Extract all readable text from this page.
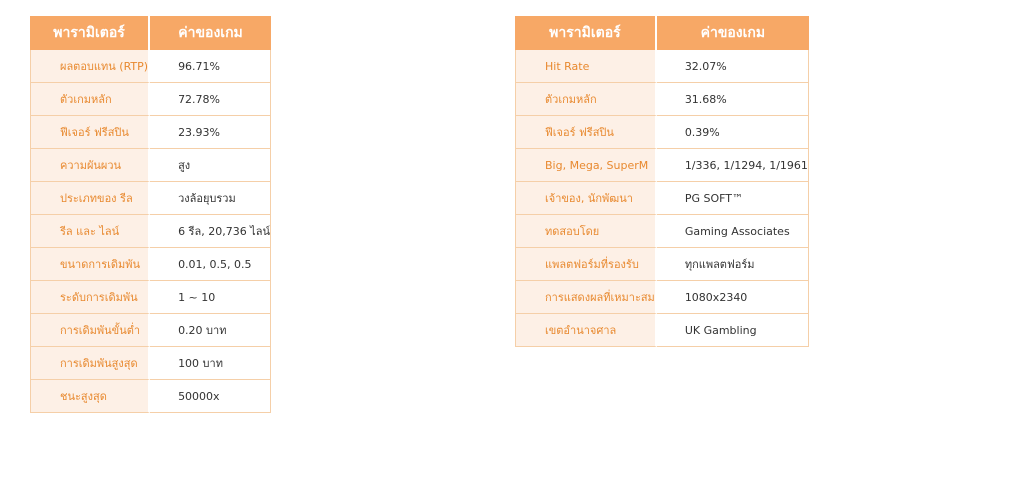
พารามิเตอร์	ค่าของเกม
ผลตอบแทน (RTP)	96.71%
ตัวเกมหลัก	72.78%
ฟีเจอร์ ฟรีสปิน	23.93%
ความผันผวน	สูง
ประเภทของ รีล	วงล้อยุบรวม
รีล และ ไลน์	6 รีล, 20,736 ไลน์
ขนาดการเดิมพัน	0.01, 0.5, 0.5
ระดับการเดิมพัน	1 ~ 10
การเดิมพันขั้นต่ำ	0.20 บาท
การเดิมพันสูงสุด	100 บาท
ชนะสูงสุด	50000x
พารามิเตอร์	ค่าของเกม
Hit Rate	32.07%
ตัวเกมหลัก	31.68%
ฟีเจอร์ ฟรีสปิน	0.39%
Big, Mega, SuperM	1/336, 1/1294, 1/1961
เจ้าของ, นักพัฒนา	PG SOFT™
ทดสอบโดย	Gaming Associates
แพลตฟอร์มที่รองรับ	ทุกแพลตฟอร์ม
การแสดงผลที่เหมาะสม	1080x2340
เขตอำนาจศาล	UK Gambling
